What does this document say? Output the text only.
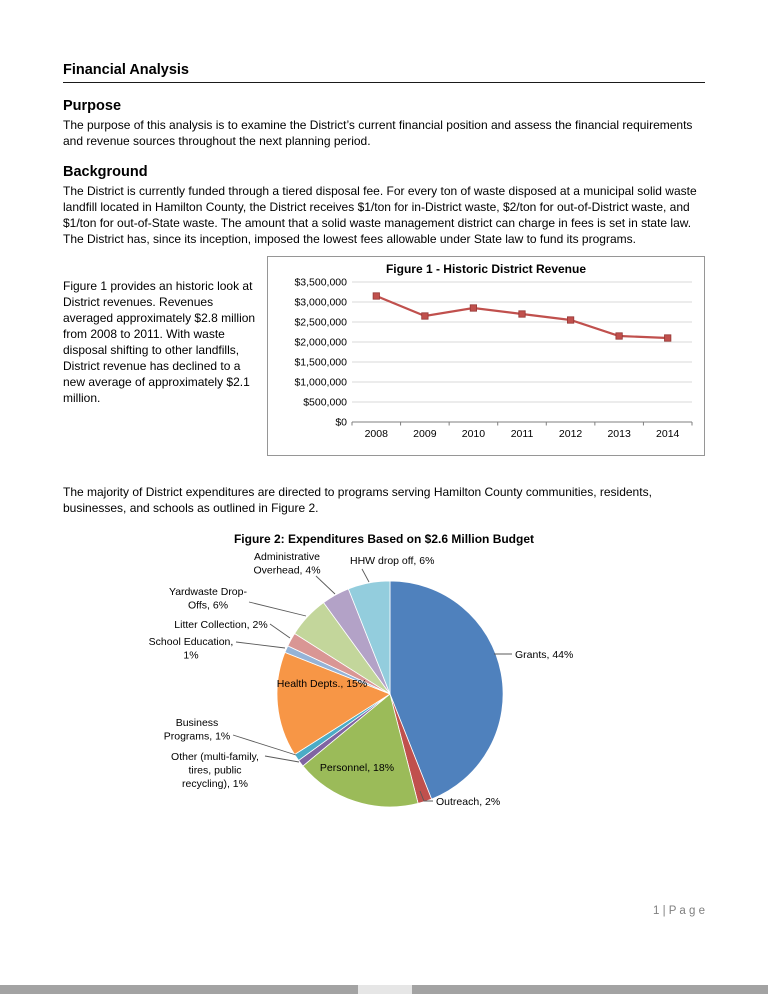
Financial Analysis
Purpose

The purpose of this analysis is to examine the District’s current financial position and assess the financial requirements and revenue sources throughout the next planning period.

Background

The District is currently funded through a tiered disposal fee. For every ton of waste disposed at a municipal solid waste landfill located in Hamilton County, the District receives $1/ton for in-District waste, $2/ton for out-of-District waste, and $1/ton for out-of-State waste. The amount that a solid waste management district can charge in fees is set in state law. The District has, since its inception, imposed the lowest fees allowable under State law to fund its programs.

Figure 1 provides an historic look at District revenues. Revenues averaged approximately $2.8 million from 2008 to 2011. With waste disposal shifting to other landfills, District revenue has declined to a new average of approximately $2.1 million.

Figure 1 - Historic District Revenue
$0
$500,000
$1,000,000
$1,500,000
$2,000,000
$2,500,000
$3,000,000
$3,500,000
2008 2009 2010 2011 2012 2013 2014

The majority of District expenditures are directed to programs serving Hamilton County communities, residents, businesses, and schools as outlined in Figure 2.

Figure 2: Expenditures Based on $2.6 Million Budget
Grants, 44%
Outreach, 2%
Personnel, 18%
Other (multi-family, tires, public recycling), 1%
Business Programs, 1%
Health Depts., 15%
School Education, 1%
Litter Collection, 2%
Yardwaste Drop-Offs, 6%
Administrative Overhead, 4%
HHW drop off, 6%
1 | P a g e
